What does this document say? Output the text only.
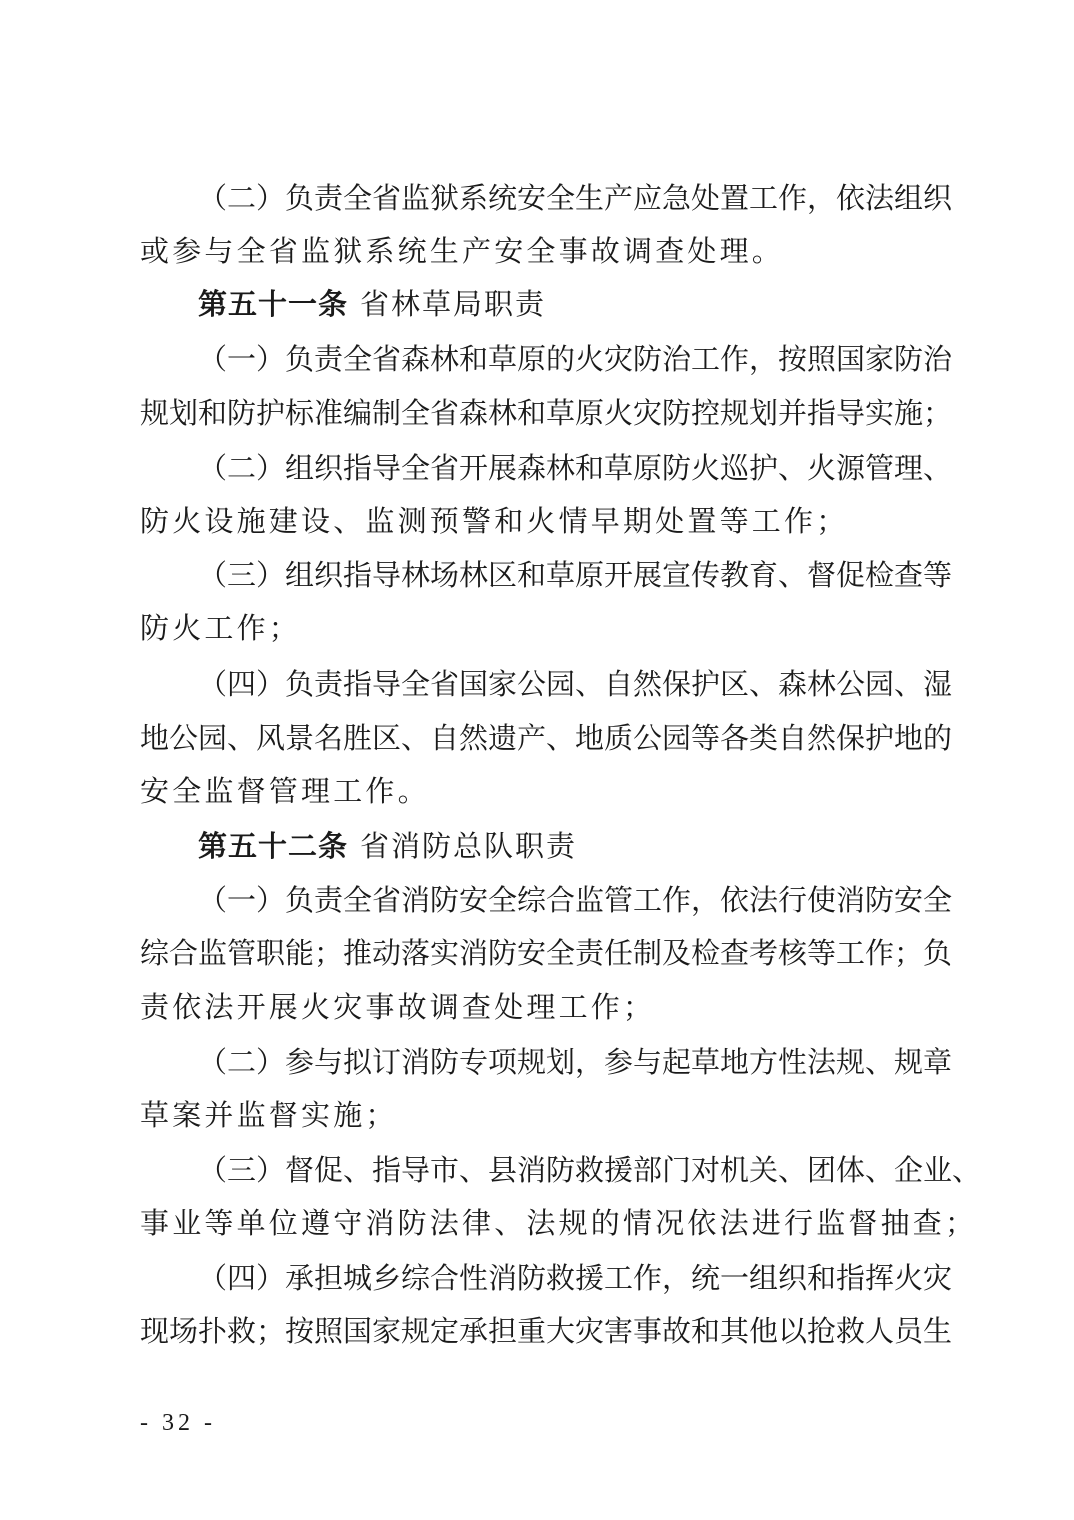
（二）负责全省监狱系统安全生产应急处置工作，依法组织
或参与全省监狱系统生产安全事故调查处理。
第五十一条 省林草局职责
（一）负责全省森林和草原的火灾防治工作，按照国家防治
规划和防护标准编制全省森林和草原火灾防控规划并指导实施；
（二）组织指导全省开展森林和草原防火巡护、火源管理、
防火设施建设、监测预警和火情早期处置等工作；
（三）组织指导林场林区和草原开展宣传教育、督促检查等
防火工作；
（四）负责指导全省国家公园、自然保护区、森林公园、湿
地公园、风景名胜区、自然遗产、地质公园等各类自然保护地的
安全监督管理工作。
第五十二条 省消防总队职责
（一）负责全省消防安全综合监管工作，依法行使消防安全
综合监管职能；推动落实消防安全责任制及检查考核等工作；负
责依法开展火灾事故调查处理工作；
（二）参与拟订消防专项规划，参与起草地方性法规、规章
草案并监督实施；
（三）督促、指导市、县消防救援部门对机关、团体、企业、
事业等单位遵守消防法律、法规的情况依法进行监督抽查；
（四）承担城乡综合性消防救援工作，统一组织和指挥火灾
现场扑救；按照国家规定承担重大灾害事故和其他以抢救人员生
- 32 -
